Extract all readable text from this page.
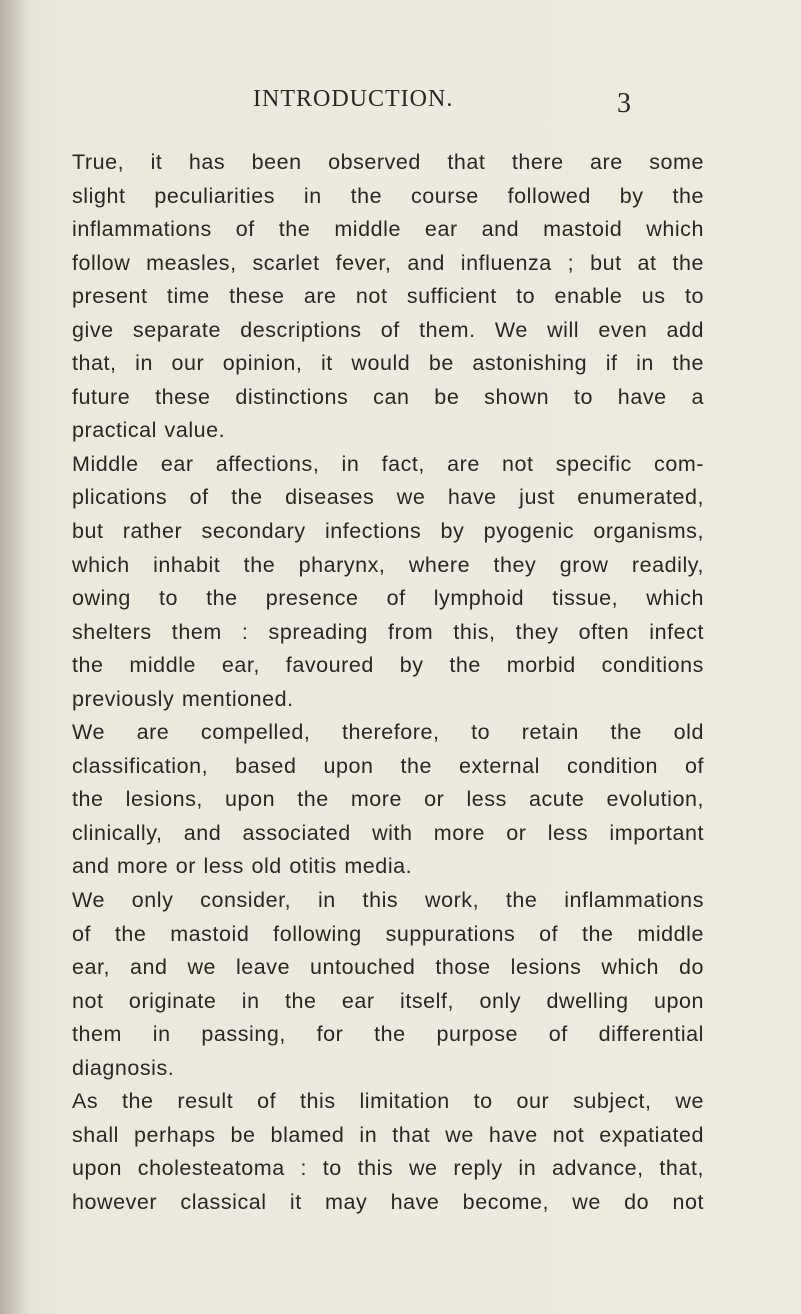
INTRODUCTION.	3
True, it has been observed that there are some
slight peculiarities in the course followed by the
inflammations of the middle ear and mastoid which
follow measles, scarlet fever, and influenza ; but at the
present time these are not sufficient to enable us to
give separate descriptions of them. We will even add
that, in our opinion, it would be astonishing if in the
future these distinctions can be shown to have a
practical value.
Middle ear affections, in fact, are not specific com-
plications of the diseases we have just enumerated,
but rather secondary infections by pyogenic organisms,
which inhabit the pharynx, where they grow readily,
owing to the presence of lymphoid tissue, which
shelters them : spreading from this, they often infect
the middle ear, favoured by the morbid conditions
previously mentioned.
We are compelled, therefore, to retain the old
classification, based upon the external condition of
the lesions, upon the more or less acute evolution,
clinically, and associated with more or less important
and more or less old otitis media.
We only consider, in this work, the inflammations
of the mastoid following suppurations of the middle
ear, and we leave untouched those lesions which do
not originate in the ear itself, only dwelling upon
them in passing, for the purpose of differential
diagnosis.
As the result of this limitation to our subject, we
shall perhaps be blamed in that we have not expatiated
upon cholesteatoma : to this we reply in advance, that,
however classical it may have become, we do not
